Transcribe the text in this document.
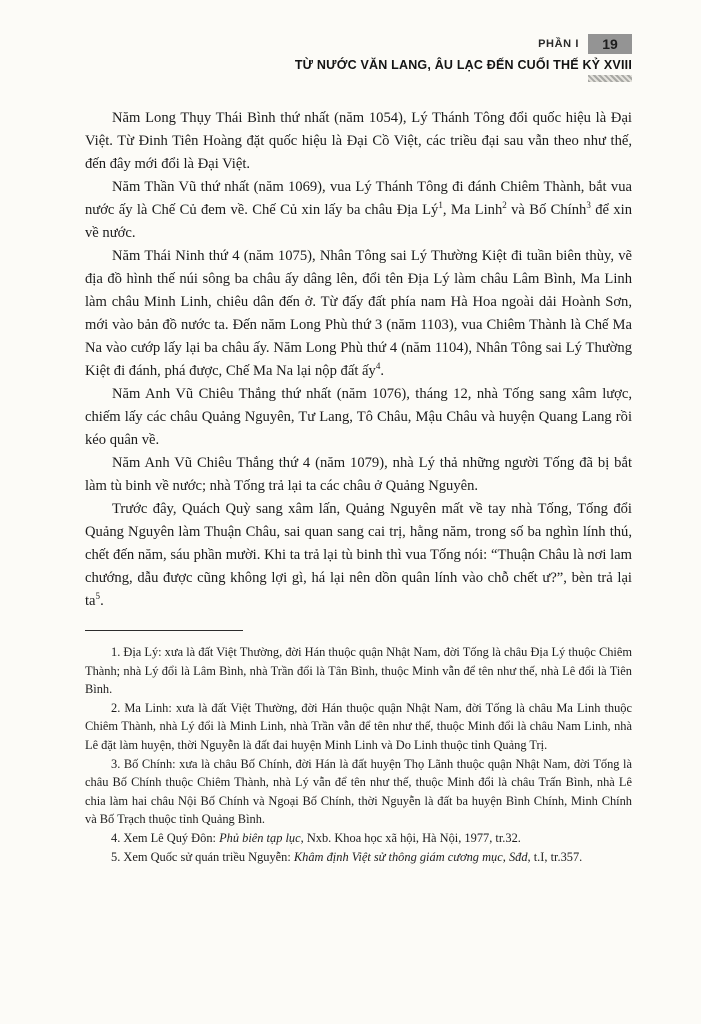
PHẦN I 19
TỪ NƯỚC VĂN LANG, ÂU LẠC ĐẾN CUỐI THẾ KỶ XVIII

Năm Long Thụy Thái Bình thứ nhất (năm 1054), Lý Thánh Tông đổi quốc hiệu là Đại Việt. Từ Đinh Tiên Hoàng đặt quốc hiệu là Đại Cồ Việt, các triều đại sau vẫn theo như thế, đến đây mới đổi là Đại Việt.

Năm Thần Vũ thứ nhất (năm 1069), vua Lý Thánh Tông đi đánh Chiêm Thành, bắt vua nước ấy là Chế Củ đem về. Chế Củ xin lấy ba châu Địa Lý$^1$, Ma Linh$^2$ và Bố Chính$^3$ để xin về nước.

Năm Thái Ninh thứ 4 (năm 1075), Nhân Tông sai Lý Thường Kiệt đi tuần biên thùy, vẽ địa đồ hình thế núi sông ba châu ấy dâng lên, đổi tên Địa Lý làm châu Lâm Bình, Ma Linh làm châu Minh Linh, chiêu dân đến ở. Từ đấy đất phía nam Hà Hoa ngoài dải Hoành Sơn, mới vào bản đồ nước ta. Đến năm Long Phù thứ 3 (năm 1103), vua Chiêm Thành là Chế Ma Na vào cướp lấy lại ba châu ấy. Năm Long Phù thứ 4 (năm 1104), Nhân Tông sai Lý Thường Kiệt đi đánh, phá được, Chế Ma Na lại nộp đất ấy$^4$.

Năm Anh Vũ Chiêu Thắng thứ nhất (năm 1076), tháng 12, nhà Tống sang xâm lược, chiếm lấy các châu Quảng Nguyên, Tư Lang, Tô Châu, Mậu Châu và huyện Quang Lang rồi kéo quân về.

Năm Anh Vũ Chiêu Thắng thứ 4 (năm 1079), nhà Lý thả những người Tống đã bị bắt làm tù binh về nước; nhà Tống trả lại ta các châu ở Quảng Nguyên.

Trước đây, Quách Quỳ sang xâm lấn, Quảng Nguyên mất về tay nhà Tống, Tống đổi Quảng Nguyên làm Thuận Châu, sai quan sang cai trị, hằng năm, trong số ba nghìn lính thú, chết đến năm, sáu phần mười. Khi ta trả lại tù binh thì vua Tống nói: “Thuận Châu là nơi lam chướng, dẫu được cũng không lợi gì, há lại nên dồn quân lính vào chỗ chết ư?”, bèn trả lại ta$^5$.

1. Địa Lý: xưa là đất Việt Thường, đời Hán thuộc quận Nhật Nam, đời Tống là châu Địa Lý thuộc Chiêm Thành; nhà Lý đổi là Lâm Bình, nhà Trần đổi là Tân Bình, thuộc Minh vẫn để tên như thế, nhà Lê đổi là Tiên Bình.

2. Ma Linh: xưa là đất Việt Thường, đời Hán thuộc quận Nhật Nam, đời Tống là châu Ma Linh thuộc Chiêm Thành, nhà Lý đổi là Minh Linh, nhà Trần vẫn để tên như thế, thuộc Minh đổi là châu Nam Linh, nhà Lê đặt làm huyện, thời Nguyễn là đất đai huyện Minh Linh và Do Linh thuộc tỉnh Quảng Trị.

3. Bố Chính: xưa là châu Bố Chính, đời Hán là đất huyện Thọ Lãnh thuộc quận Nhật Nam, đời Tống là châu Bố Chính thuộc Chiêm Thành, nhà Lý vẫn để tên như thế, thuộc Minh đổi là châu Trấn Bình, nhà Lê chia làm hai châu Nội Bố Chính và Ngoại Bố Chính, thời Nguyễn là đất ba huyện Bình Chính, Minh Chính và Bố Trạch thuộc tỉnh Quảng Bình.

4. Xem Lê Quý Đôn: Phủ biên tạp lục, Nxb. Khoa học xã hội, Hà Nội, 1977, tr.32.

5. Xem Quốc sử quán triều Nguyễn: Khâm định Việt sử thông giám cương mục, Sđd, t.I, tr.357.
